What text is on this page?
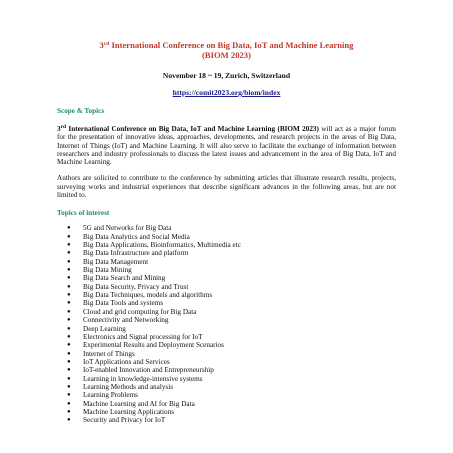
3rd International Conference on Big Data, IoT and Machine Learning
(BIOM 2023)
November 18 ~ 19, Zurich, Switzerland
https://comit2023.org/biom/index
Scope & Topics

3rd International Conference on Big Data, IoT and Machine Learning (BIOM 2023) will act as a major forum for the presentation of innovative ideas, approaches, developments, and research projects in the areas of Big Data, Internet of Things (IoT) and Machine Learning. It will also serve to facilitate the exchange of information between researchers and industry professionals to discuss the latest issues and advancement in the area of Big Data, IoT and Machine Learning.

Authors are solicited to contribute to the conference by submitting articles that illustrate research results, projects, surveying works and industrial experiences that describe significant advances in the following areas, but are not limited to.

Topics of interest
● 5G and Networks for Big Data
● Big Data Analytics and Social Media
● Big Data Applications, Bioinformatics, Multimedia etc
● Big Data Infrastructure and platform
● Big Data Management
● Big Data Mining
● Big Data Search and Mining
● Big Data Security, Privacy and Trust
● Big Data Techniques, models and algorithms
● Big Data Tools and systems
● Cloud and grid computing for Big Data
● Connectivity and Networking
● Deep Learning
● Electronics and Signal processing for IoT
● Experimental Results and Deployment Scenarios
● Internet of Things
● IoT Applications and Services
● IoT-enabled Innovation and Entrepreneurship
● Learning in knowledge-intensive systems
● Learning Methods and analysis
● Learning Problems
● Machine Learning and AI for Big Data
● Machine Learning Applications
● Security and Privacy for IoT
